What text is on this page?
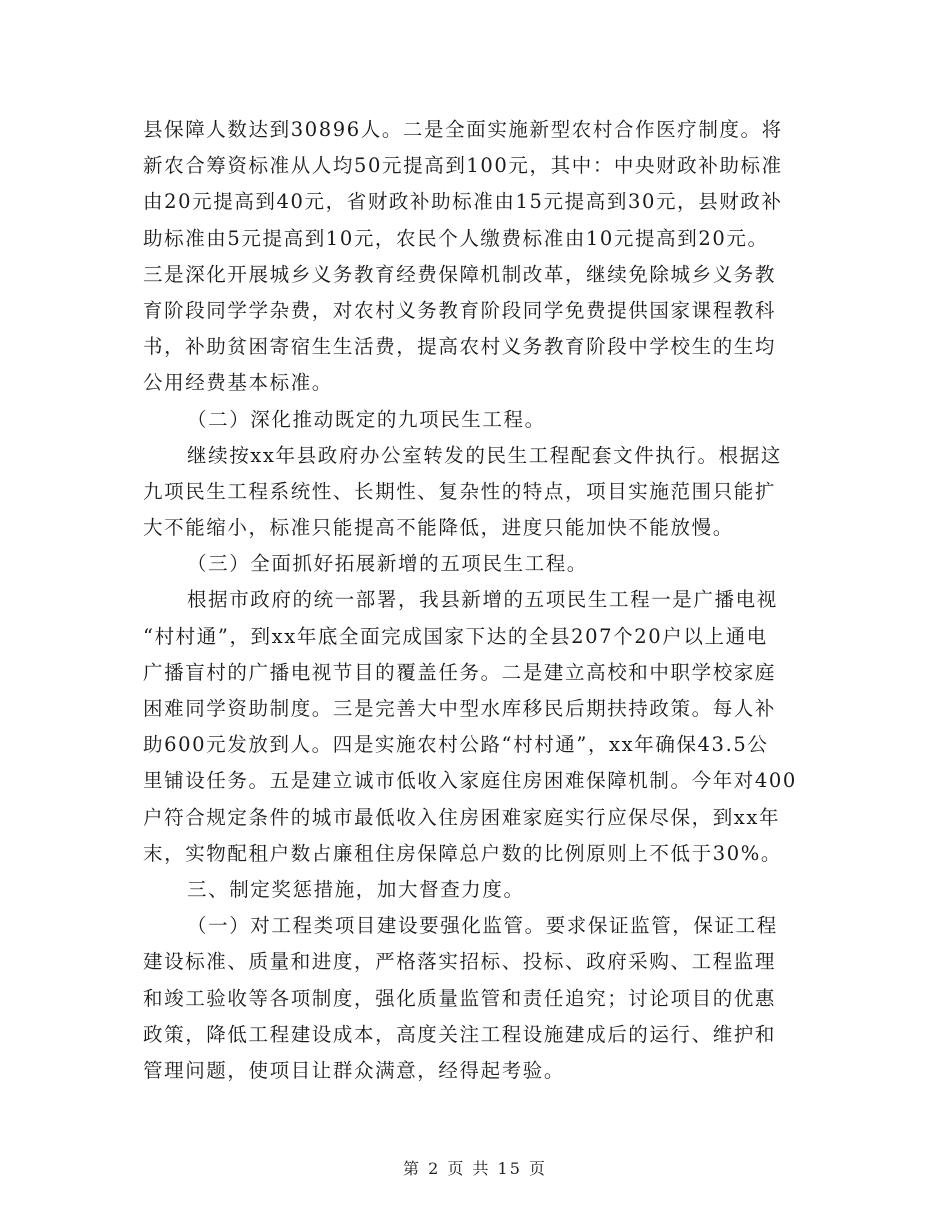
县保障人数达到30896人。二是全面实施新型农村合作医疗制度。将
新农合筹资标准从人均50元提高到100元，其中：中央财政补助标准
由20元提高到40元，省财政补助标准由15元提高到30元，县财政补
助标准由5元提高到10元，农民个人缴费标准由10元提高到20元。
三是深化开展城乡义务教育经费保障机制改革，继续免除城乡义务教
育阶段同学学杂费，对农村义务教育阶段同学免费提供国家课程教科
书，补助贫困寄宿生生活费，提高农村义务教育阶段中学校生的生均
公用经费基本标准。
（二）深化推动既定的九项民生工程。
继续按xx年县政府办公室转发的民生工程配套文件执行。根据这
九项民生工程系统性、长期性、复杂性的特点，项目实施范围只能扩
大不能缩小，标准只能提高不能降低，进度只能加快不能放慢。
（三）全面抓好拓展新增的五项民生工程。
根据市政府的统一部署，我县新增的五项民生工程一是广播电视
“村村通”，到xx年底全面完成国家下达的全县207个20户以上通电
广播盲村的广播电视节目的覆盖任务。二是建立高校和中职学校家庭
困难同学资助制度。三是完善大中型水库移民后期扶持政策。每人补
助600元发放到人。四是实施农村公路“村村通”，xx年确保43.5公
里铺设任务。五是建立诚市低收入家庭住房困难保障机制。今年对400
户符合规定条件的城市最低收入住房困难家庭实行应保尽保，到xx年
末，实物配租户数占廉租住房保障总户数的比例原则上不低于30%。
三、制定奖惩措施，加大督查力度。
（一）对工程类项目建设要强化监管。要求保证监管，保证工程
建设标准、质量和进度，严格落实招标、投标、政府采购、工程监理
和竣工验收等各项制度，强化质量监管和责任追究；讨论项目的优惠
政策，降低工程建设成本，高度关注工程设施建成后的运行、维护和
管理问题，使项目让群众满意，经得起考验。
第 2 页 共 15 页
